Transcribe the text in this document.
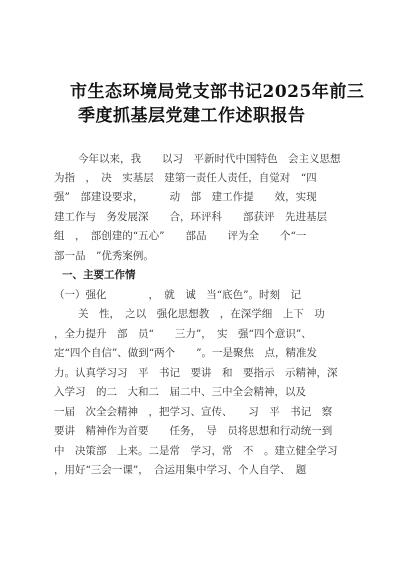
市生态环境局党支部书记2025年前三
季度抓基层党建工作述职报告
今年以来，我　　以习　平新时代中国特色　会主义思想
为指　，　决　实基层　建第一责任人责任，自觉对　“四
强”　部建设要求，　　　动　部　建工作提　　效，实现
建工作与　务发展深　　合，环评科　　部获评　先进基层
组　，　部创建的“五心”　　部品　　评为全　　个“一
部一品　”优秀案例。
一、主要工作情
（一）强化　　　　，　就　诚　当“底色”。时刻　记
关　性，　之以　强化思想教　，在深学细　上下　功
，全力提升　部　员“　　三力”，　实　强“四个意识”、
定“四个自信”、做到“两个　　”。一是聚焦　点，精准发
力。认真学习习　平　书记　要讲　和　要指示　示精神，深
入学习　的二　大和二　届二中、三中全会精神，以及
一届　次全会精神　，把学习、宣传、　　习　平　书记　察
要讲　精神作为首要　　任务，　导　员将思想和行动统一到
中　决策部　上来。二是常　学习，常　不　。建立健全学习
，用好“三会一课”，　合运用集中学习、个人自学、　题
